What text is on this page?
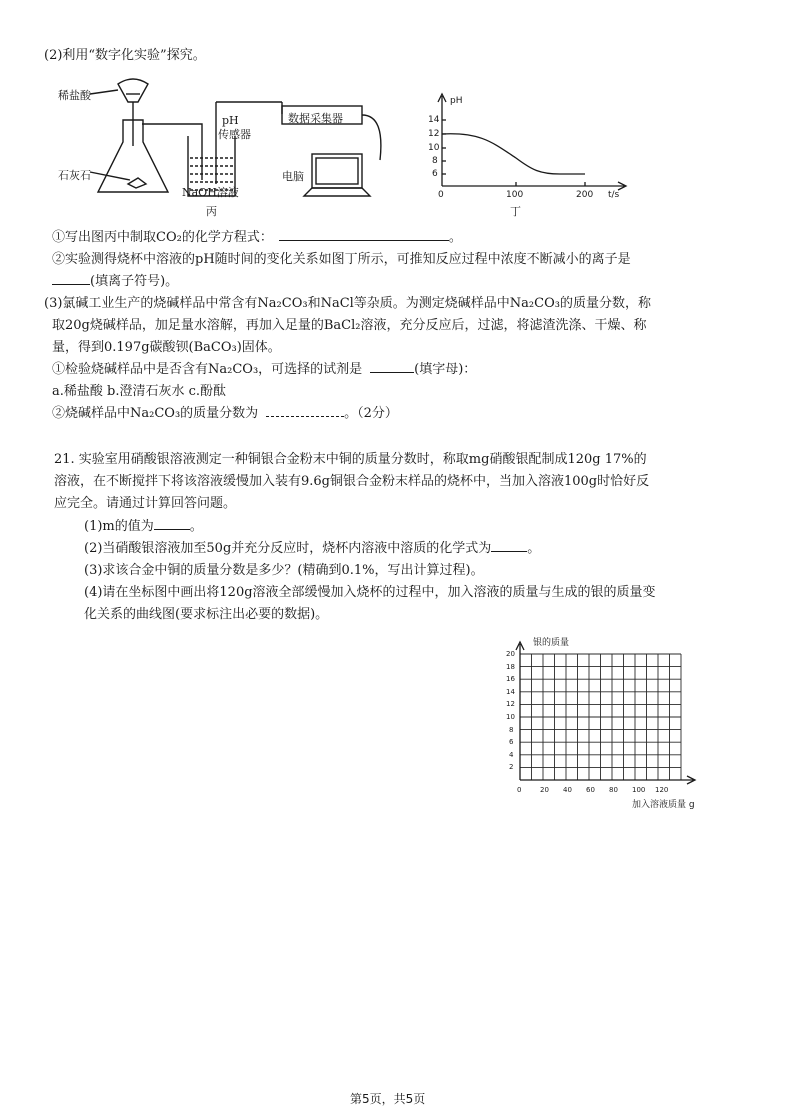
(2)利用“数字化实验”探究。
稀盐酸
石灰石
pH
传感器
数据采集器
电脑
NaOH溶液
丙
pH
14
12
10
8
6
0	100	200 t/s
丁
①写出图丙中制取CO₂的化学方程式：	。
②实验测得烧杯中溶液的pH随时间的变化关系如图丁所示，可推知反应过程中浓度不断减小的离子是
(填离子符号)。
(3)氯碱工业生产的烧碱样品中常含有Na₂CO₃和NaCl等杂质。为测定烧碱样品中Na₂CO₃的质量分数，称
取20g烧碱样品，加足量水溶解，再加入足量的BaCl₂溶液，充分反应后，过滤，将滤渣洗涤、干燥、称
量，得到0.197g碳酸钡(BaCO₃)固体。
①检验烧碱样品中是否含有Na₂CO₃，可选择的试剂是	(填字母)：
a.稀盐酸 b.澄清石灰水 c.酚酞
②烧碱样品中Na₂CO₃的质量分数为	。（2分）
21. 实验室用硝酸银溶液测定一种铜银合金粉末中铜的质量分数时，称取mg硝酸银配制成120g 17%的
溶液，在不断搅拌下将该溶液缓慢加入装有9.6g铜银合金粉末样品的烧杯中，当加入溶液100g时恰好反
应完全。请通过计算回答问题。
(1)m的值为	。
(2)当硝酸银溶液加至50g并充分反应时，烧杯内溶液中溶质的化学式为	。
(3)求该合金中铜的质量分数是多少？(精确到0.1%，写出计算过程)。
(4)请在坐标图中画出将120g溶液全部缓慢加入烧杯的过程中，加入溶液的质量与生成的银的质量变
化关系的曲线图(要求标注出必要的数据)。
银的质量
20
18
16
14
12
10
8
6
4
2
0	20 40 60 80 100 120
加入溶液质量 g
第5页，共5页
